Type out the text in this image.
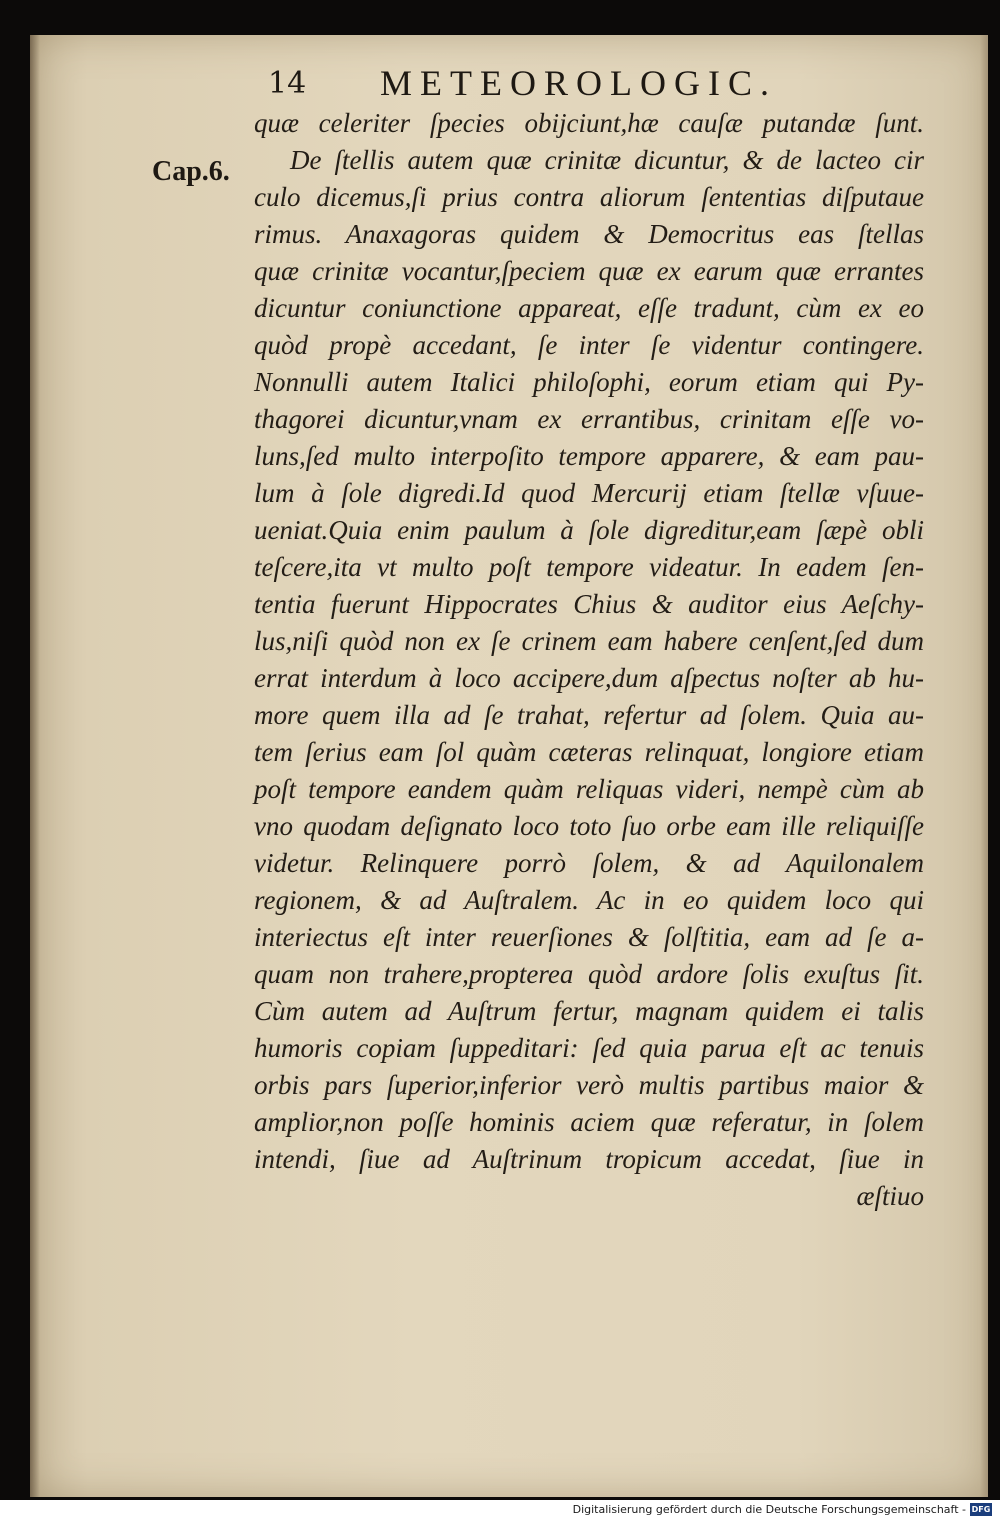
14 METEOROLOGIC.
Cap.6.
quæ celeriter ſpecies obijciunt,hæ cauſæ putandæ ſunt.
De ſtellis autem quæ crinitæ dicuntur, & de lacteo cir
culo dicemus,ſi prius contra aliorum ſententias diſputaue
rimus. Anaxagoras quidem & Democritus eas ſtellas
quæ crinitæ vocantur,ſpeciem quæ ex earum quæ errantes
dicuntur coniunctione appareat, eſſe tradunt, cùm ex eo
quòd propè accedant, ſe inter ſe videntur contingere.
Nonnulli autem Italici philoſophi, eorum etiam qui Py-
thagorei dicuntur,vnam ex errantibus, crinitam eſſe vo-
luns,ſed multo interpoſito tempore apparere, & eam pau-
lum à ſole digredi.Id quod Mercurij etiam ſtellæ vſuue-
ueniat.Quia enim paulum à ſole digreditur,eam ſæpè obli
teſcere,ita vt multo poſt tempore videatur. In eadem ſen-
tentia fuerunt Hippocrates Chius & auditor eius Aeſchy-
lus,niſi quòd non ex ſe crinem eam habere cenſent,ſed dum
errat interdum à loco accipere,dum aſpectus noſter ab hu-
more quem illa ad ſe trahat, refertur ad ſolem. Quia au-
tem ſerius eam ſol quàm cæteras relinquat, longiore etiam
poſt tempore eandem quàm reliquas videri, nempè cùm ab
vno quodam deſignato loco toto ſuo orbe eam ille reliquiſſe
videtur. Relinquere porrò ſolem, & ad Aquilonalem
regionem, & ad Auſtralem. Ac in eo quidem loco qui
interiectus eſt inter reuerſiones & ſolſtitia, eam ad ſe a-
quam non trahere,propterea quòd ardore ſolis exuſtus ſit.
Cùm autem ad Auſtrum fertur, magnam quidem ei talis
humoris copiam ſuppeditari: ſed quia parua eſt ac tenuis
orbis pars ſuperior,inferior verò multis partibus maior &
amplior,non poſſe hominis aciem quæ referatur, in ſolem
intendi, ſiue ad Auſtrinum tropicum accedat, ſiue in
æſtiuo
Digitalisierung gefördert durch die Deutsche Forschungsgemeinschaft - DFG
